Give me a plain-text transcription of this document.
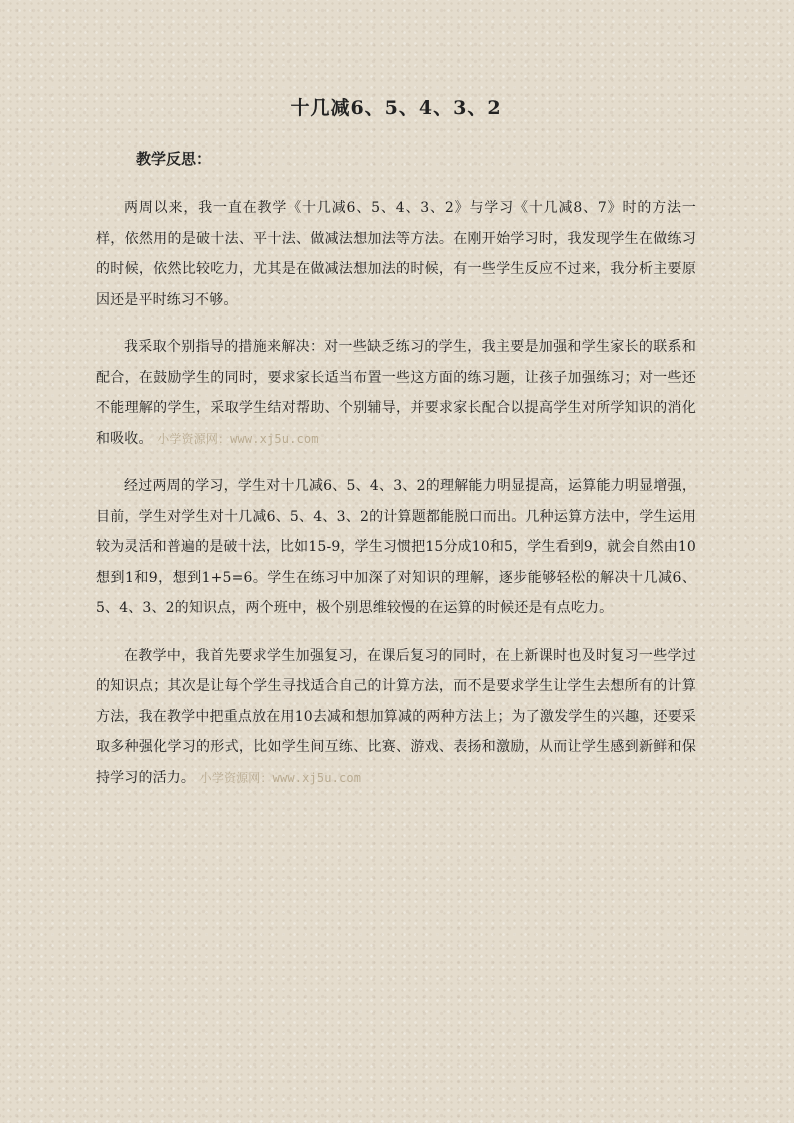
十几减6、5、4、3、2
教学反思：

两周以来，我一直在教学《十几减6、5、4、3、2》与学习《十几减8、7》时的方法一样，依然用的是破十法、平十法、做减法想加法等方法。在刚开始学习时，我发现学生在做练习的时候，依然比较吃力，尤其是在做减法想加法的时候，有一些学生反应不过来，我分析主要原因还是平时练习不够。

我采取个别指导的措施来解决：对一些缺乏练习的学生，我主要是加强和学生家长的联系和配合，在鼓励学生的同时，要求家长适当布置一些这方面的练习题，让孩子加强练习；对一些还不能理解的学生，采取学生结对帮助、个别辅导，并要求家长配合以提高学生对所学知识的消化和吸收。 小学资源网：www.xj5u.com

经过两周的学习，学生对十几减6、5、4、3、2的理解能力明显提高，运算能力明显增强，目前，学生对学生对十几减6、5、4、3、2的计算题都能脱口而出。几种运算方法中，学生运用较为灵活和普遍的是破十法，比如15-9，学生习惯把15分成10和5，学生看到9，就会自然由10想到1和9，想到1+5=6。学生在练习中加深了对知识的理解，逐步能够轻松的解决十几减6、5、4、3、2的知识点，两个班中，极个别思维较慢的在运算的时候还是有点吃力。

在教学中，我首先要求学生加强复习，在课后复习的同时，在上新课时也及时复习一些学过的知识点；其次是让每个学生寻找适合自己的计算方法，而不是要求学生让学生去想所有的计算方法，我在教学中把重点放在用10去减和想加算减的两种方法上；为了激发学生的兴趣，还要采取多种强化学习的形式，比如学生间互练、比赛、游戏、表扬和激励，从而让学生感到新鲜和保持学习的活力。 小学资源网：www.xj5u.com
